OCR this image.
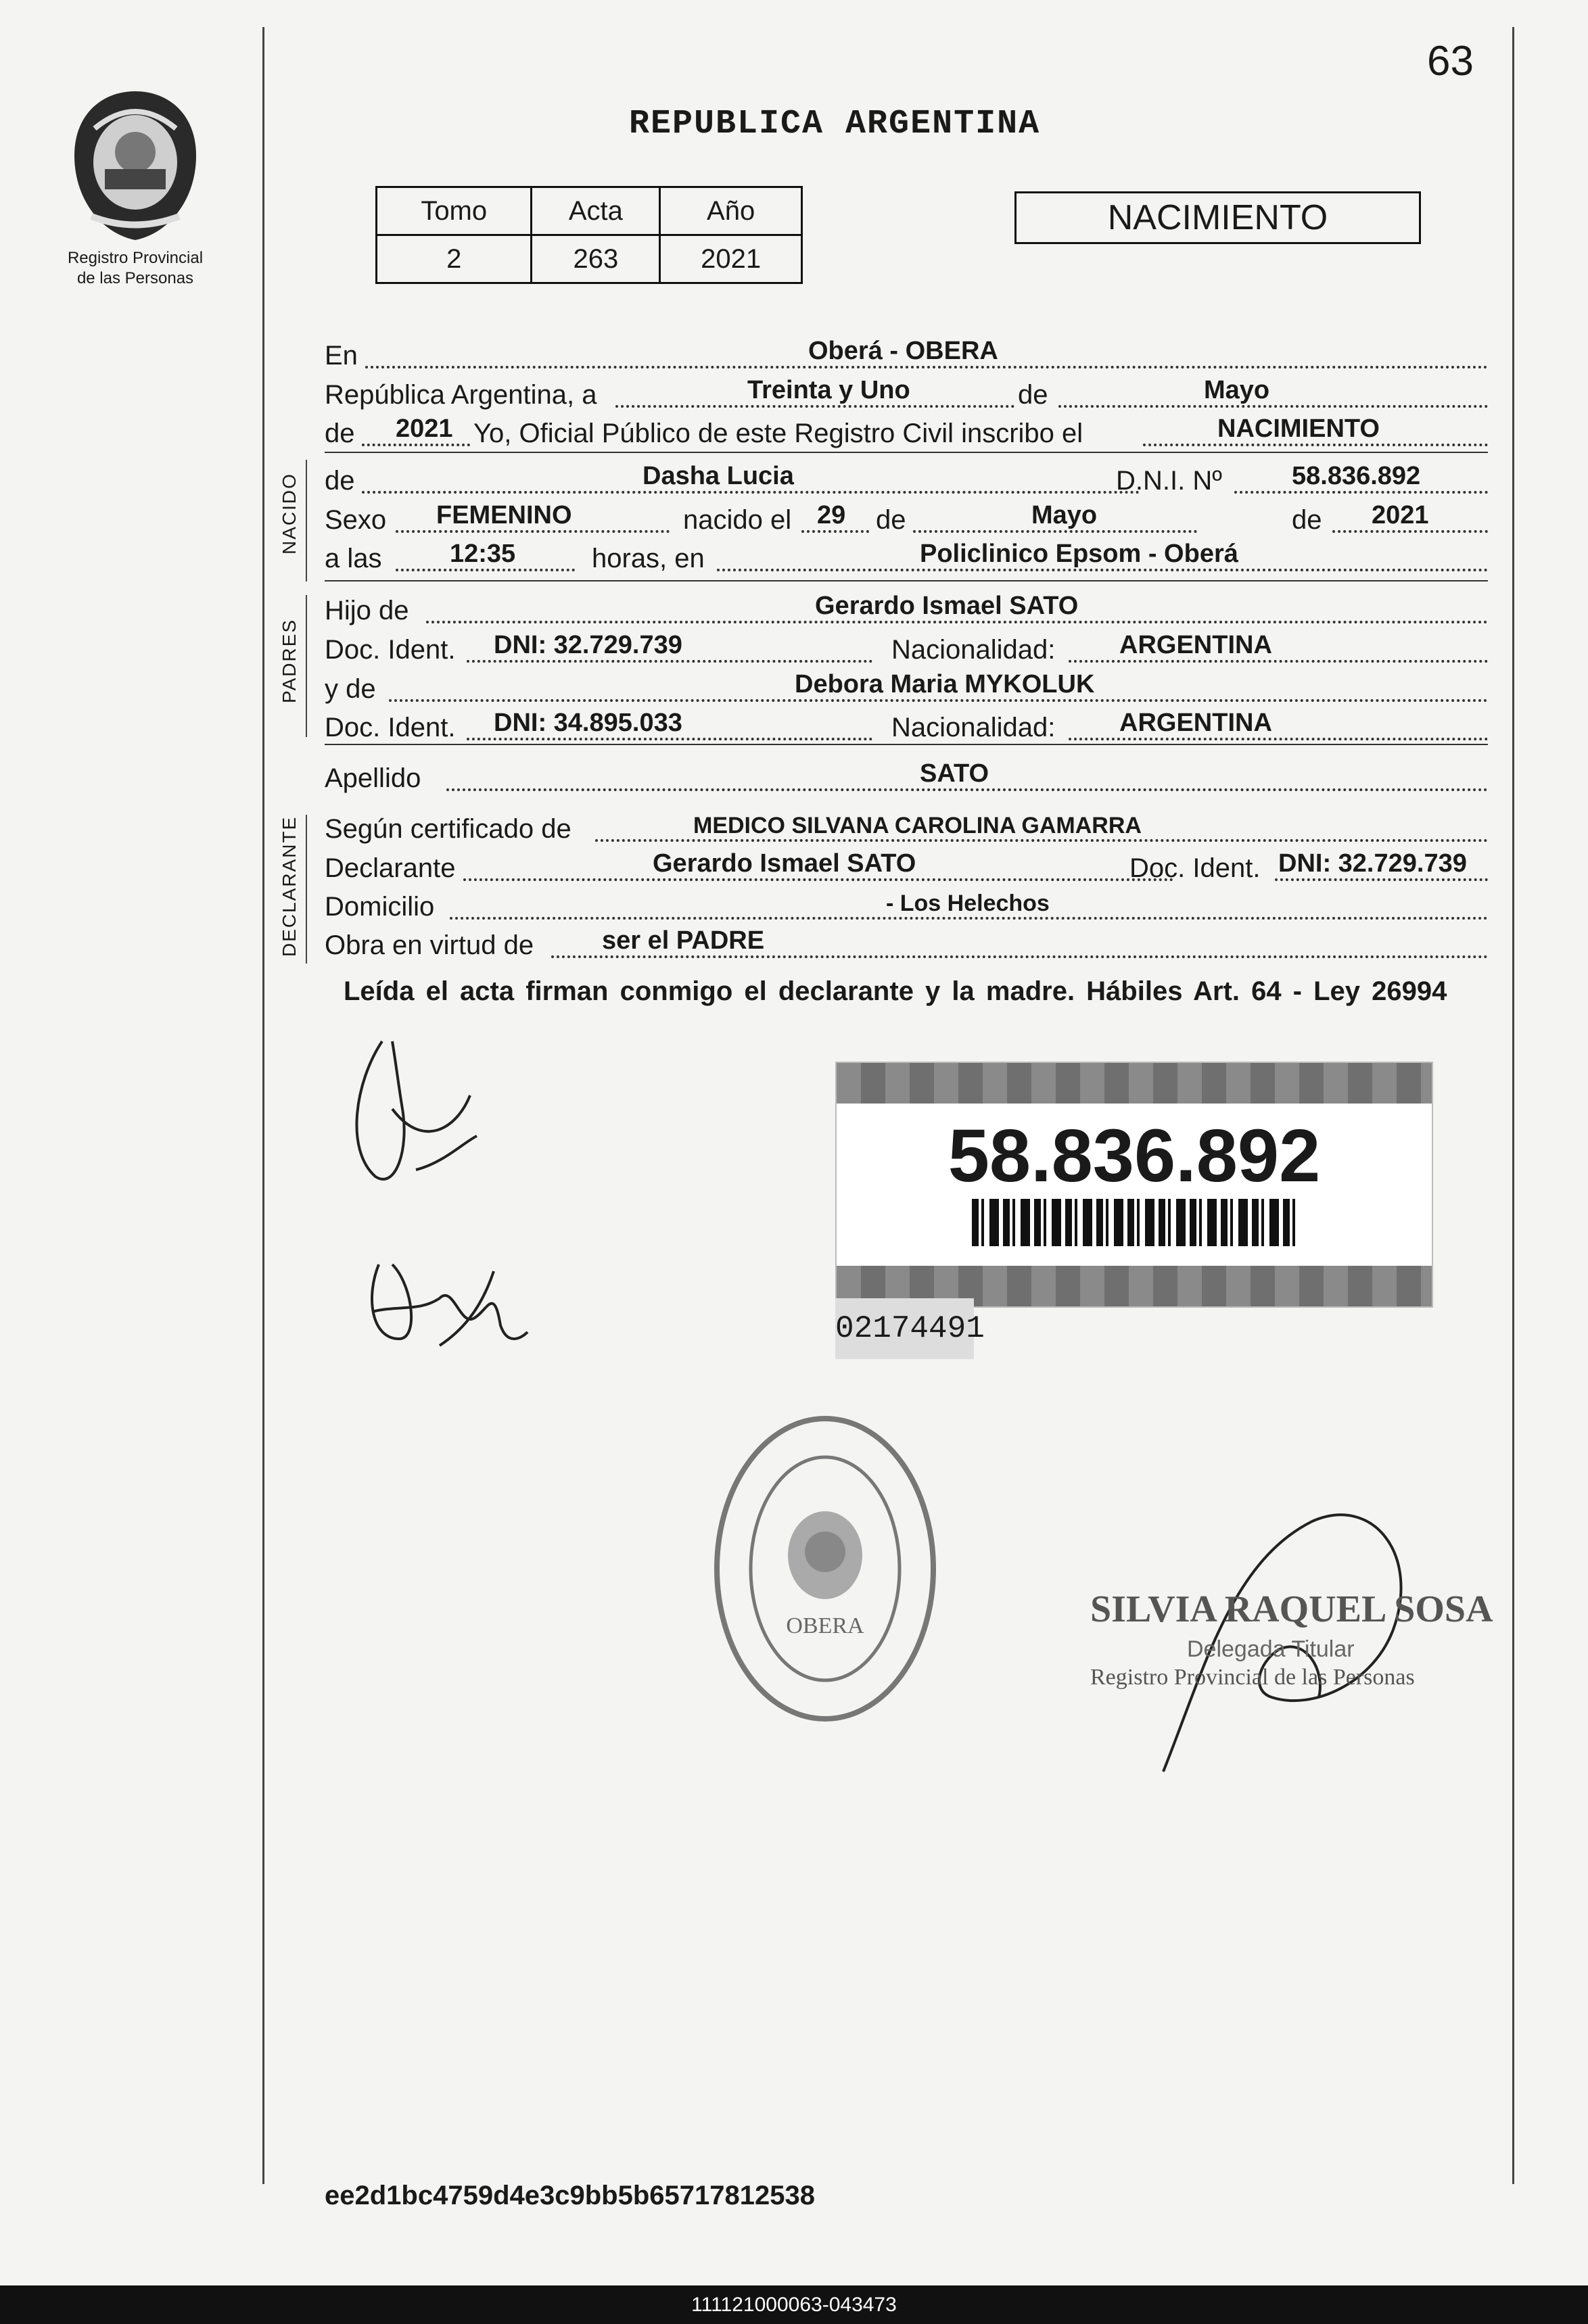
63
Registro Provincial
de las Personas
REPUBLICA ARGENTINA
Tomo	Acta	Año
2	263	2021
NACIMIENTO
En	Oberá - OBERA
República Argentina, a	Treinta y Uno	de	Mayo
de 2021 Yo, Oficial Público de este Registro Civil inscribo el	NACIMIENTO
NACIDO de	Dasha Lucia	D.N.I. Nº	58.836.892
Sexo FEMENINO	nacido el 29 de	Mayo	de 2021
a las	12:35	horas, en	Policlinico Epsom - Oberá
PADRES
Hijo de	Gerardo Ismael SATO
Doc. Ident. DNI: 32.729.739	Nacionalidad: ARGENTINA
y de	Debora Maria MYKOLUK
Doc. Ident. DNI: 34.895.033	Nacionalidad: ARGENTINA
Apellido	SATO
DECLARANTE Según certificado de	MEDICO SILVANA CAROLINA GAMARRA
Declarante	Gerardo Ismael SATO	Doc. Ident. DNI: 32.729.739
Domicilio	- Los Helechos
Obra en virtud de	ser el PADRE
Leída el acta firman conmigo el declarante y la madre. Hábiles Art. 64 - Ley 26994
58.836.892
02174491
OBERA	SILVIA RAQUEL SOSA
Delegada Titular
Registro Provincial de las Personas
ee2d1bc4759d4e3c9bb5b65717812538
111121000063-043473
